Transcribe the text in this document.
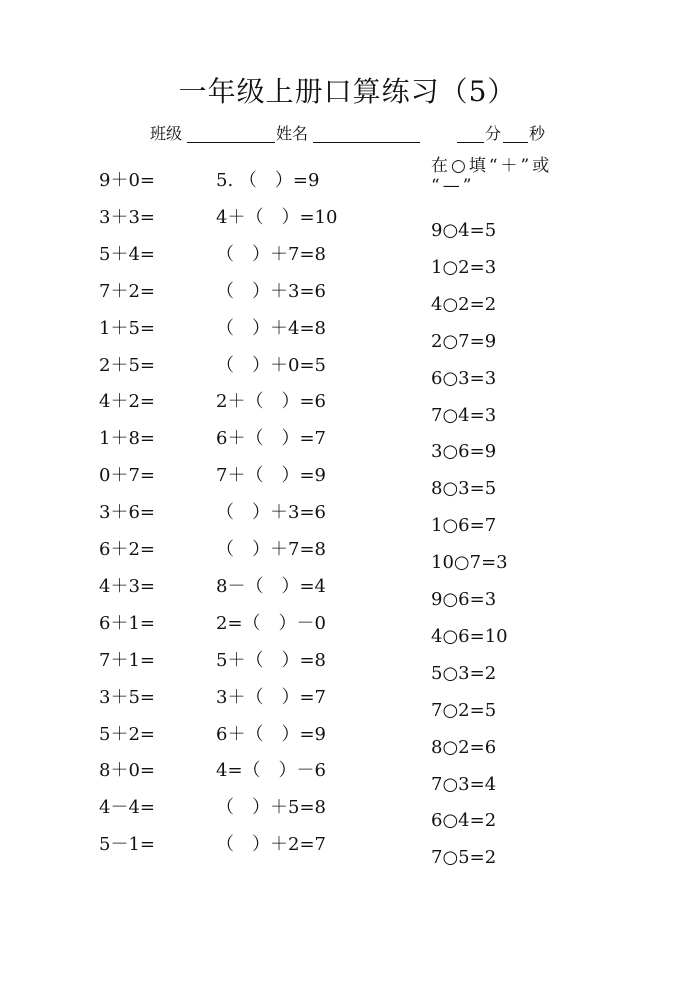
一年级上册口算练习（5）
班级	姓名	分 秒
在○填“＋”或
“—”
9＋0=
3＋3=
5＋4=
7＋2=
1＋5=
2＋5=
4＋2=
1＋8=
0＋7=
3＋6=
6＋2=
4＋3=
6＋1=
7＋1=
3＋5=
5＋2=
8＋0=
4－4=
5－1=
5. （　）=9
4＋（　）=10
（　）＋7=8
（　）＋3=6
（　）＋4=8
（　）＋0=5
2＋（　）=6
6＋（　）=7
7＋（　）=9
（　）＋3=6
（　）＋7=8
8－（　）=4
2=（　）－0
5＋（　）=8
3＋（　）=7
6＋（　）=9
4=（　）－6
（　）＋5=8
（　）＋2=7
9○4=5
1○2=3
4○2=2
2○7=9
6○3=3
7○4=3
3○6=9
8○3=5
1○6=7
10○7=3
9○6=3
4○6=10
5○3=2
7○2=5
8○2=6
7○3=4
6○4=2
7○5=2
